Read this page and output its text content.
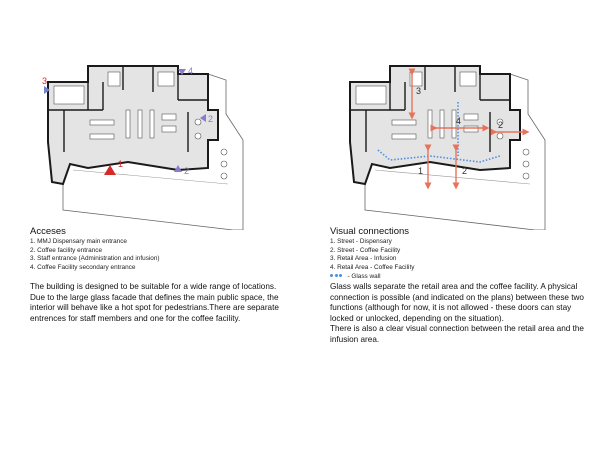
1
2
2
3
4
Acceses
1. MMJ Dispensary main entrance
2. Coffee facility entrance
3. Staff entrance (Administration and infusion)
4. Coffee Facility secondary entrance

The building is designed to be suitable for a wide range of locations. Due to the large glass facade that defines the main public space, the interior will behave like a hot spot for pedestrians.There are separate entrences for staff members and one for the coffee facility.

1	2
2
3
4
Visual connections
1. Street - Dispensary
2. Street - Coffee Facility
3. Retail Area - Infusion
4. Retail Area - Coffee Facility
- Glass wall

Glass walls separate the retail area and the coffee facility. A physical connection is possible (and indicated on the plans) between these two functions (although for now, it is not allowed - these doors can stay locked or unlocked, depending on the situation).

There is also a clear visual connection between the retail area and the infusion area.
